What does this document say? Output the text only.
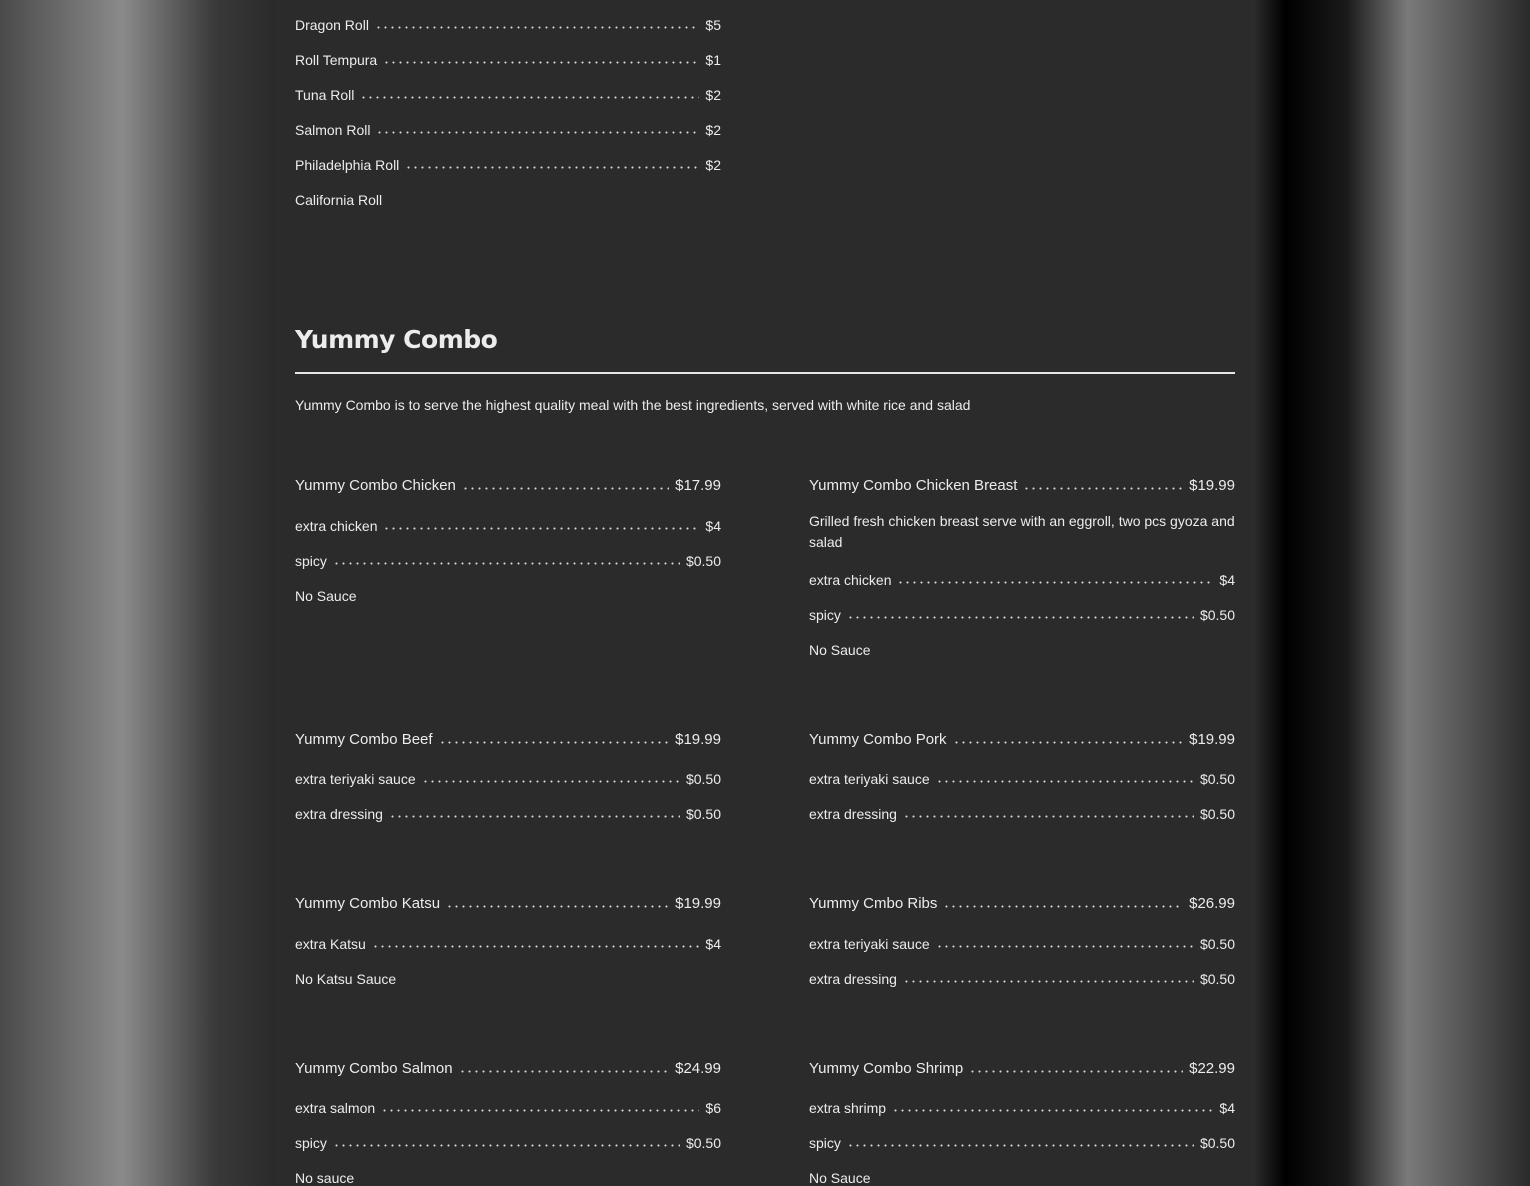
Dragon Roll	$5
Roll Tempura	$1
Tuna Roll	$2
Salmon Roll	$2
Philadelphia Roll	$2
California Roll
Yummy Combo
Yummy Combo is to serve the highest quality meal with the best ingredients, served with white rice and salad
Yummy Combo Chicken	$17.99
extra chicken	$4
spicy	$0.50
No Sauce
Yummy Combo Chicken Breast	$19.99
Grilled fresh chicken breast serve with an eggroll, two pcs gyoza and salad
extra chicken	$4
spicy	$0.50
No Sauce
Yummy Combo Beef	$19.99
extra teriyaki sauce	$0.50
extra dressing	$0.50
Yummy Combo Pork	$19.99
extra teriyaki sauce	$0.50
extra dressing	$0.50
Yummy Combo Katsu	$19.99
extra Katsu	$4
No Katsu Sauce
Yummy Cmbo Ribs	$26.99
extra teriyaki sauce	$0.50
extra dressing	$0.50
Yummy Combo Salmon	$24.99
extra salmon	$6
spicy	$0.50
No sauce
Yummy Combo Shrimp	$22.99
extra shrimp	$4
spicy	$0.50
No Sauce
